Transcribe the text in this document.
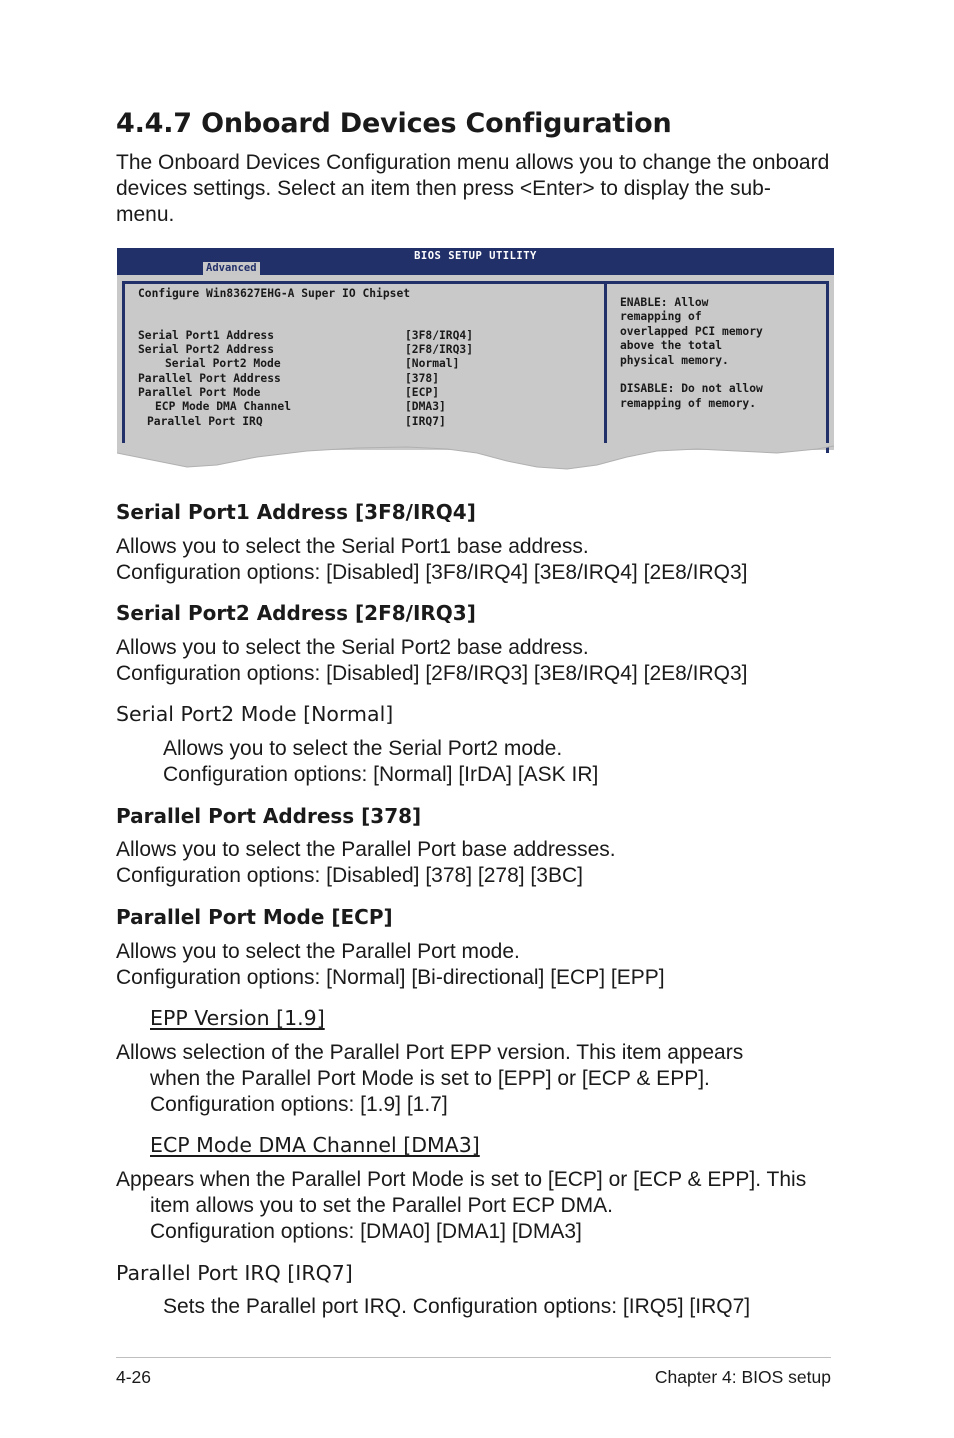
4.4.7 Onboard Devices Configuration
The Onboard Devices Configuration menu allows you to change the onboard
devices settings. Select an item then press <Enter> to display the sub-
menu.
BIOS SETUP UTILITY
Advanced
Configure Win83627EHG-A Super IO Chipset
Serial Port1 Address	[3F8/IRQ4]
Serial Port2 Address	[2F8/IRQ3]
Serial Port2 Mode	[Normal]
Parallel Port Address	[378]
Parallel Port Mode	[ECP]
ECP Mode DMA Channel	[DMA3]
Parallel Port IRQ	[IRQ7]
ENABLE: Allow
remapping of
overlapped PCI memory
above the total
physical memory.
DISABLE: Do not allow
remapping of memory.
Serial Port1 Address [3F8/IRQ4]
Allows you to select the Serial Port1 base address.
Configuration options: [Disabled] [3F8/IRQ4] [3E8/IRQ4] [2E8/IRQ3]
Serial Port2 Address [2F8/IRQ3]
Allows you to select the Serial Port2 base address.
Configuration options: [Disabled] [2F8/IRQ3] [3E8/IRQ4] [2E8/IRQ3]
Serial Port2 Mode [Normal]
Allows you to select the Serial Port2 mode.
Configuration options: [Normal] [IrDA] [ASK IR]
Parallel Port Address [378]
Allows you to select the Parallel Port base addresses.
Configuration options: [Disabled] [378] [278] [3BC]
Parallel Port Mode [ECP]
Allows you to select the Parallel Port mode.
Configuration options: [Normal] [Bi-directional] [ECP] [EPP]
EPP Version [1.9]
Allows selection of the Parallel Port EPP version. This item appears
when the Parallel Port Mode is set to [EPP] or [ECP & EPP].
Configuration options: [1.9] [1.7]
ECP Mode DMA Channel [DMA3]
Appears when the Parallel Port Mode is set to [ECP] or [ECP & EPP]. This
item allows you to set the Parallel Port ECP DMA.
Configuration options: [DMA0] [DMA1] [DMA3]
Parallel Port IRQ [IRQ7]
Sets the Parallel port IRQ. Configuration options: [IRQ5] [IRQ7]
4-26	Chapter 4: BIOS setup
